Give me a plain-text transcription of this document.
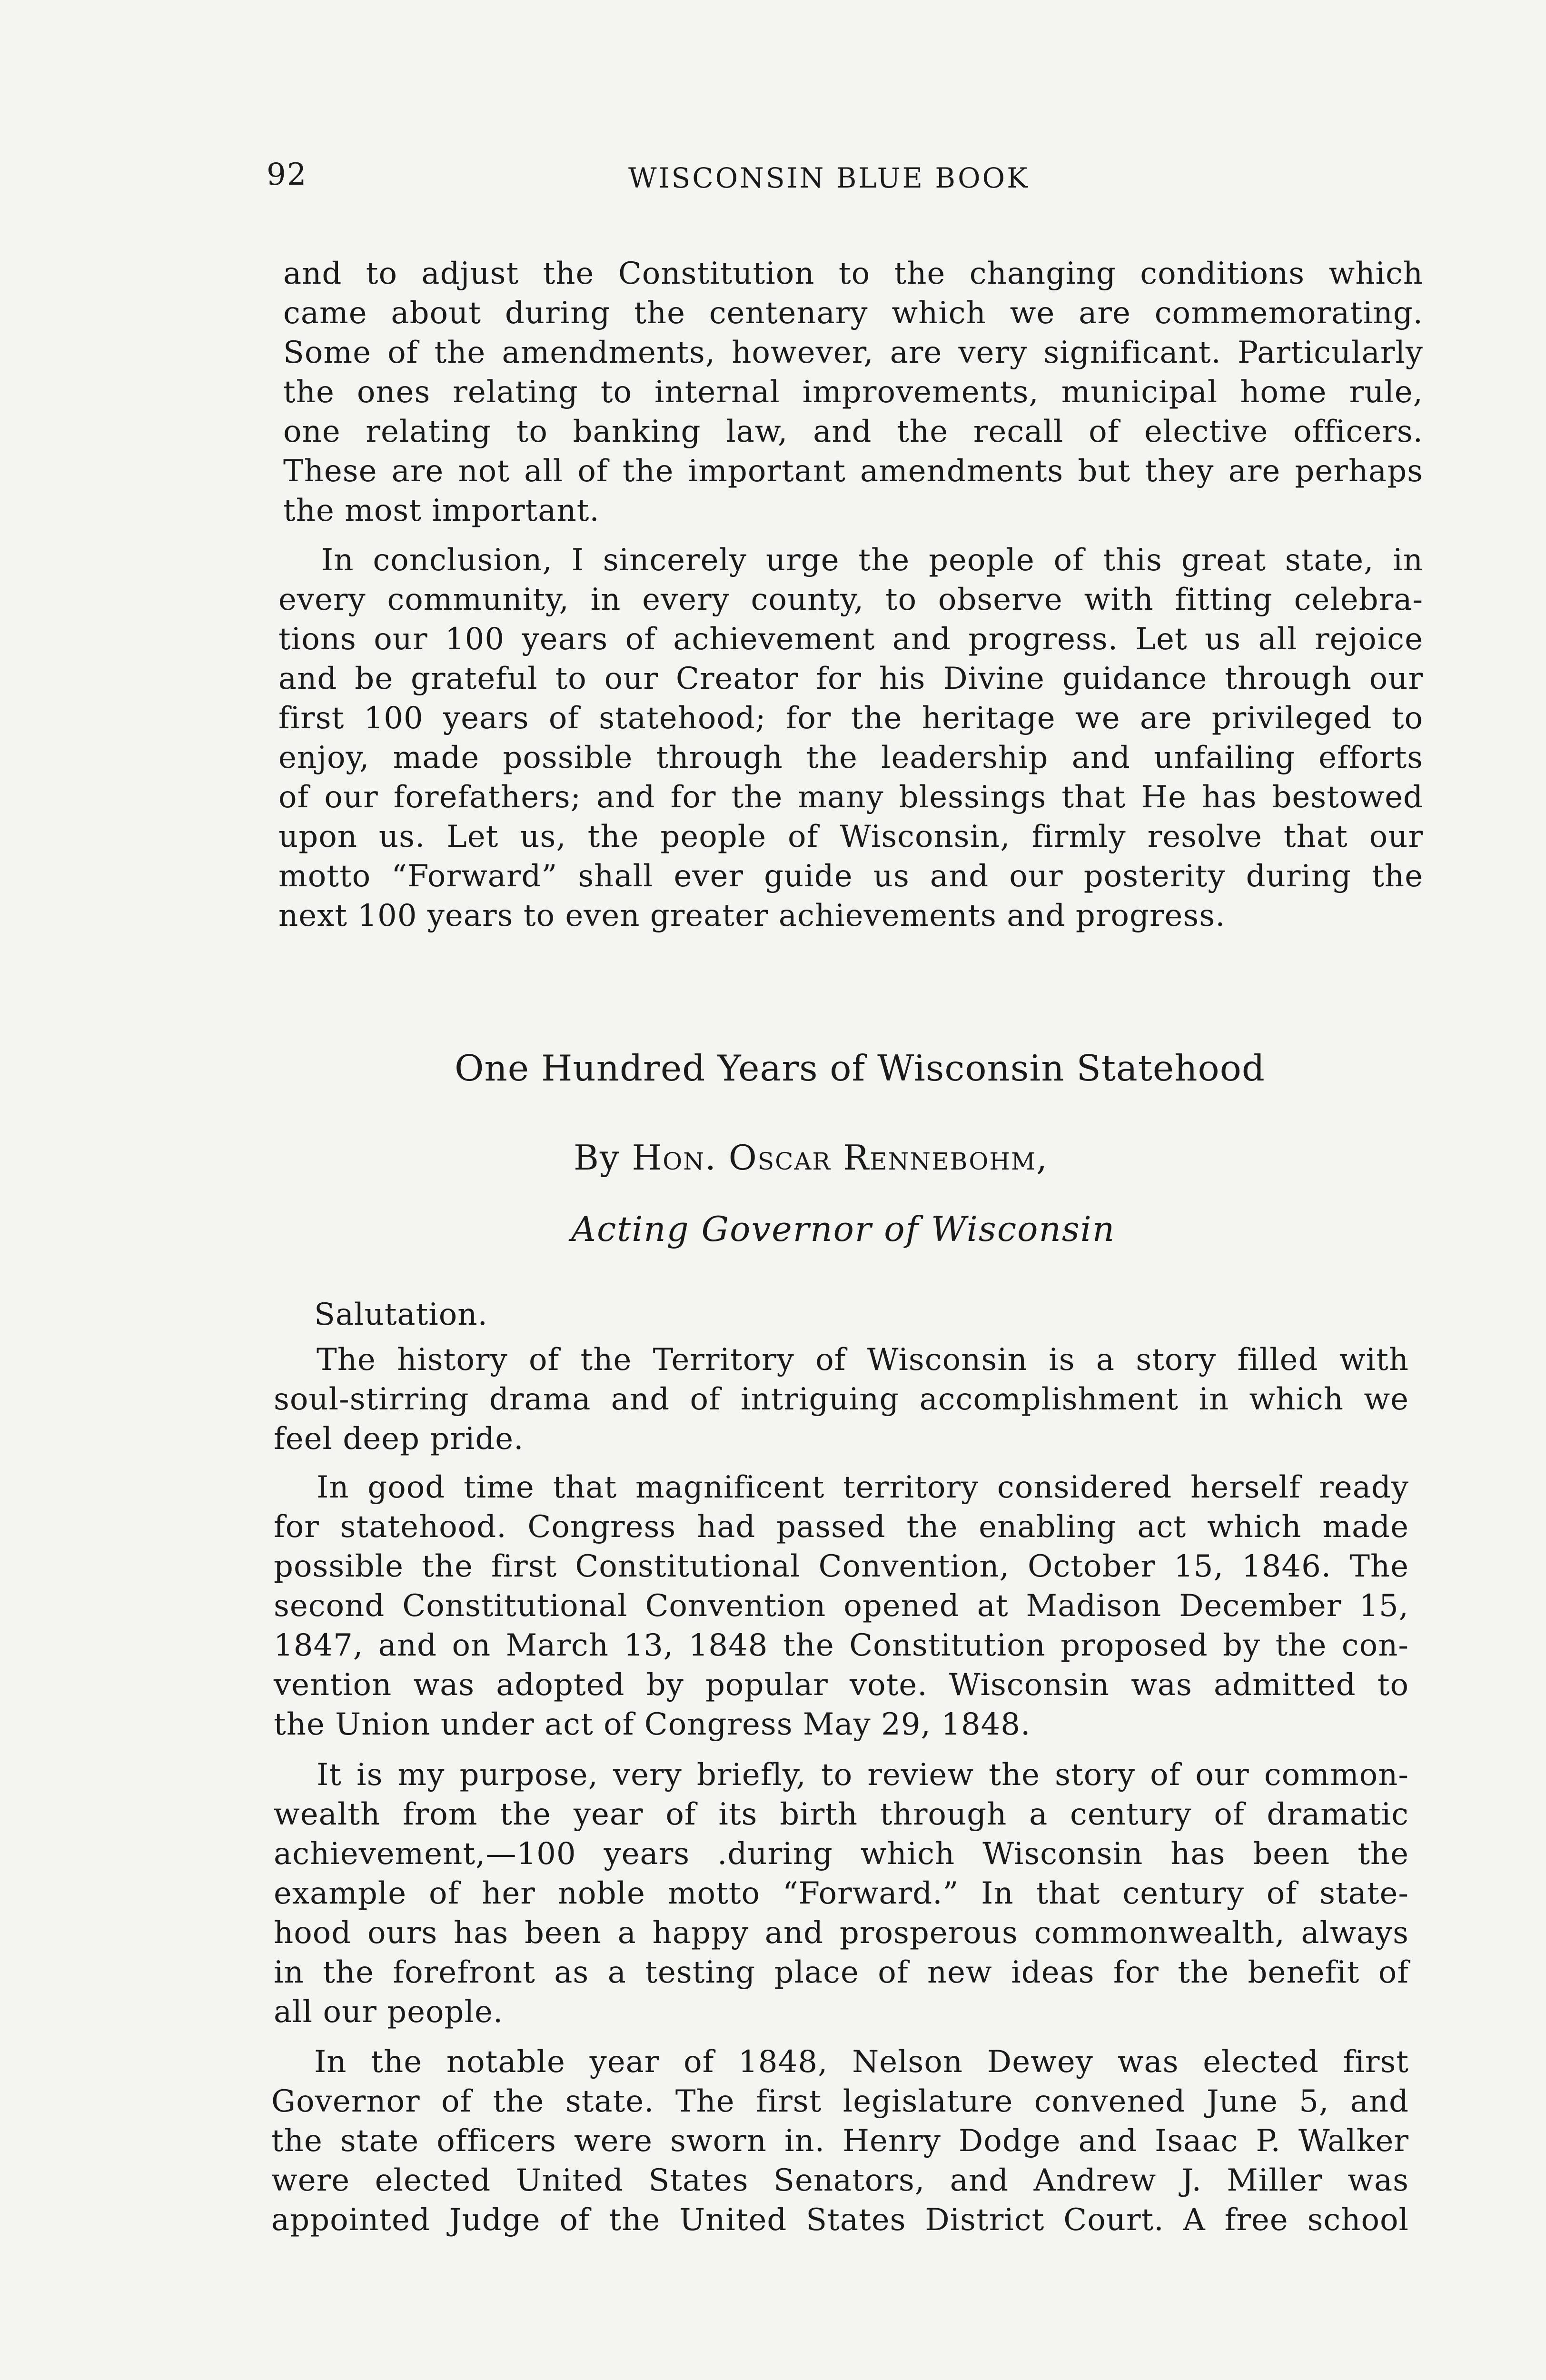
92	WISCONSIN BLUE BOOK
and to adjust the Constitution to the changing conditions which
came about during the centenary which we are commemorating.
Some of the amendments, however, are very significant. Particularly
the ones relating to internal improvements, municipal home rule,
one relating to banking law, and the recall of elective officers.
These are not all of the important amendments but they are perhaps
the most important.
In conclusion, I sincerely urge the people of this great state, in
every community, in every county, to observe with fitting celebra-
tions our 100 years of achievement and progress. Let us all rejoice
and be grateful to our Creator for his Divine guidance through our
first 100 years of statehood; for the heritage we are privileged to
enjoy, made possible through the leadership and unfailing efforts
of our forefathers; and for the many blessings that He has bestowed
upon us. Let us, the people of Wisconsin, firmly resolve that our
motto “Forward” shall ever guide us and our posterity during the
next 100 years to even greater achievements and progress.
One Hundred Years of Wisconsin Statehood
By Hon. Oscar Rennebohm,
Acting Governor of Wisconsin
Salutation.
The history of the Territory of Wisconsin is a story filled with
soul-stirring drama and of intriguing accomplishment in which we
feel deep pride.
In good time that magnificent territory considered herself ready
for statehood. Congress had passed the enabling act which made
possible the first Constitutional Convention, October 15, 1846. The
second Constitutional Convention opened at Madison December 15,
1847, and on March 13, 1848 the Constitution proposed by the con-
vention was adopted by popular vote. Wisconsin was admitted to
the Union under act of Congress May 29, 1848.
It is my purpose, very briefly, to review the story of our common-
wealth from the year of its birth through a century of dramatic
achievement,—100 years .during which Wisconsin has been the
example of her noble motto “Forward.” In that century of state-
hood ours has been a happy and prosperous commonwealth, always
in the forefront as a testing place of new ideas for the benefit of
all our people.
In the notable year of 1848, Nelson Dewey was elected first
Governor of the state. The first legislature convened June 5, and
the state officers were sworn in. Henry Dodge and Isaac P. Walker
were elected United States Senators, and Andrew J. Miller was
appointed Judge of the United States District Court. A free school
